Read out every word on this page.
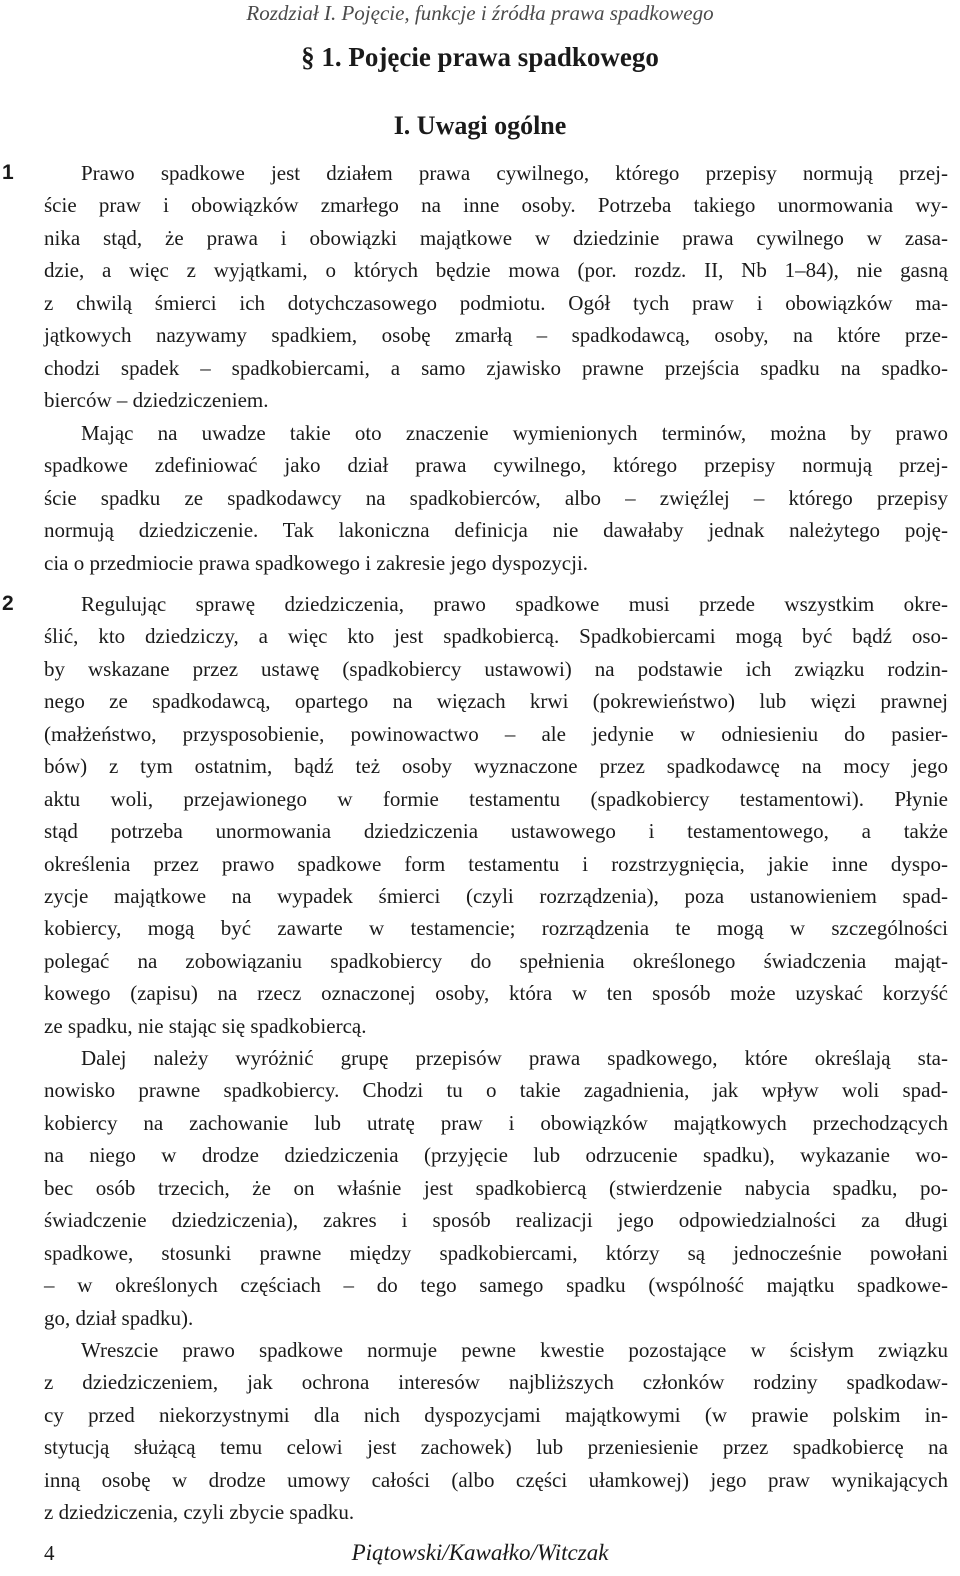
Rozdział I. Pojęcie, funkcje i źródła prawa spadkowego
§ 1. Pojęcie prawa spadkowego
I. Uwagi ogólne
1
2
Prawo spadkowe jest działem prawa cywilnego, którego przepisy normują przej-
ście praw i obowiązków zmarłego na inne osoby. Potrzeba takiego unormowania wy-
nika stąd, że prawa i obowiązki majątkowe w dziedzinie prawa cywilnego w zasa-
dzie, a więc z wyjątkami, o których będzie mowa (por. rozdz. II, Nb 1–84), nie gasną
z chwilą śmierci ich dotychczasowego podmiotu. Ogół tych praw i obowiązków ma-
jątkowych nazywamy spadkiem, osobę zmarłą – spadkodawcą, osoby, na które prze-
chodzi spadek – spadkobiercami, a samo zjawisko prawne przejścia spadku na spadko-
bierców – dziedziczeniem.
Mając na uwadze takie oto znaczenie wymienionych terminów, można by prawo
spadkowe zdefiniować jako dział prawa cywilnego, którego przepisy normują przej-
ście spadku ze spadkodawcy na spadkobierców, albo – zwięźlej – którego przepisy
normują dziedziczenie. Tak lakoniczna definicja nie dawałaby jednak należytego poję-
cia o przedmiocie prawa spadkowego i zakresie jego dyspozycji.
Regulując sprawę dziedziczenia, prawo spadkowe musi przede wszystkim okre-
ślić, kto dziedziczy, a więc kto jest spadkobiercą. Spadkobiercami mogą być bądź oso-
by wskazane przez ustawę (spadkobiercy ustawowi) na podstawie ich związku rodzin-
nego ze spadkodawcą, opartego na więzach krwi (pokrewieństwo) lub więzi prawnej
(małżeństwo, przysposobienie, powinowactwo – ale jedynie w odniesieniu do pasier-
bów) z tym ostatnim, bądź też osoby wyznaczone przez spadkodawcę na mocy jego
aktu woli, przejawionego w formie testamentu (spadkobiercy testamentowi). Płynie
stąd potrzeba unormowania dziedziczenia ustawowego i testamentowego, a także
określenia przez prawo spadkowe form testamentu i rozstrzygnięcia, jakie inne dyspo-
zycje majątkowe na wypadek śmierci (czyli rozrządzenia), poza ustanowieniem spad-
kobiercy, mogą być zawarte w testamencie; rozrządzenia te mogą w szczególności
polegać na zobowiązaniu spadkobiercy do spełnienia określonego świadczenia mająt-
kowego (zapisu) na rzecz oznaczonej osoby, która w ten sposób może uzyskać korzyść
ze spadku, nie stając się spadkobiercą.
Dalej należy wyróżnić grupę przepisów prawa spadkowego, które określają sta-
nowisko prawne spadkobiercy. Chodzi tu o takie zagadnienia, jak wpływ woli spad-
kobiercy na zachowanie lub utratę praw i obowiązków majątkowych przechodzących
na niego w drodze dziedziczenia (przyjęcie lub odrzucenie spadku), wykazanie wo-
bec osób trzecich, że on właśnie jest spadkobiercą (stwierdzenie nabycia spadku, po-
świadczenie dziedziczenia), zakres i sposób realizacji jego odpowiedzialności za długi
spadkowe, stosunki prawne między spadkobiercami, którzy są jednocześnie powołani
– w określonych częściach – do tego samego spadku (wspólność majątku spadkowe-
go, dział spadku).
Wreszcie prawo spadkowe normuje pewne kwestie pozostające w ścisłym związku
z dziedziczeniem, jak ochrona interesów najbliższych członków rodziny spadkodaw-
cy przed niekorzystnymi dla nich dyspozycjami majątkowymi (w prawie polskim in-
stytucją służącą temu celowi jest zachowek) lub przeniesienie przez spadkobiercę na
inną osobę w drodze umowy całości (albo części ułamkowej) jego praw wynikających
z dziedziczenia, czyli zbycie spadku.
4	Piątowski/Kawałko/Witczak
